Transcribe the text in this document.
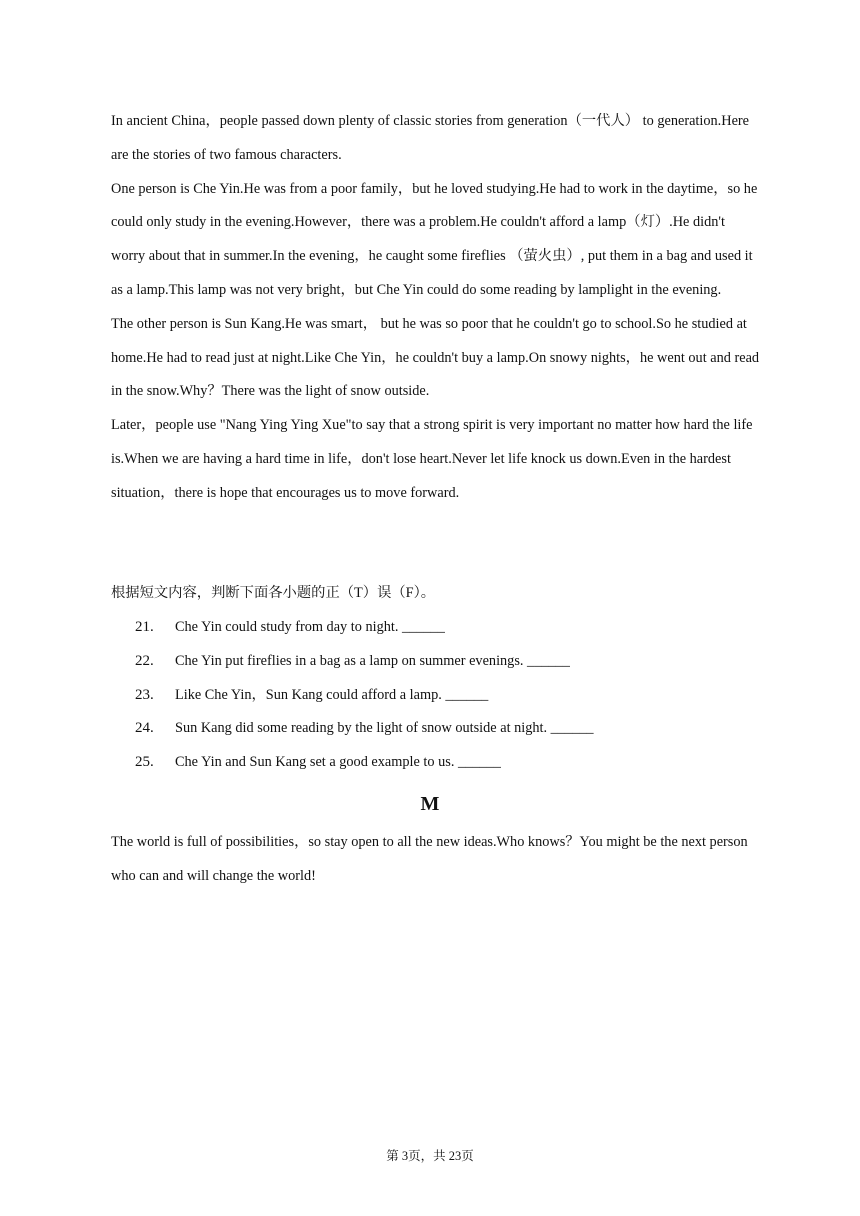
In ancient China，people passed down plenty of classic stories from generation（一代人） to generation.Here are the stories of two famous characters.

One person is Che Yin.He was from a poor family，but he loved studying.He had to work in the daytime，so he could only study in the evening.However，there was a problem.He couldn't afford a lamp（灯）.He didn't worry about that in summer.In the evening，he caught some fireflies （萤火虫）, put them in a bag and used it as a lamp.This lamp was not very bright，but Che Yin could do some reading by lamplight in the evening.

The other person is Sun Kang.He was smart， but he was so poor that he couldn't go to school.So he studied at home.He had to read just at night.Like Che Yin，he couldn't buy a lamp.On snowy nights，he went out and read in the snow.Why？There was the light of snow outside.

Later，people use "Nang Ying Ying Xue"to say that a strong spirit is very important no matter how hard the life is.When we are having a hard time in life，don't lose heart.Never let life knock us down.Even in the hardest situation，there is hope that encourages us to move forward.

根据短文内容，判断下面各小题的正（T）误（F）。
21. Che Yin could study from day to night. ______
22. Che Yin put fireflies in a bag as a lamp on summer evenings. ______
23. Like Che Yin，Sun Kang could afford a lamp. ______
24. Sun Kang did some reading by the light of snow outside at night. ______
25. Che Yin and Sun Kang set a good example to us. ______
M

The world is full of possibilities，so stay open to all the new ideas.Who knows？You might be the next person who can and will change the world!

第 3页，共 23页
